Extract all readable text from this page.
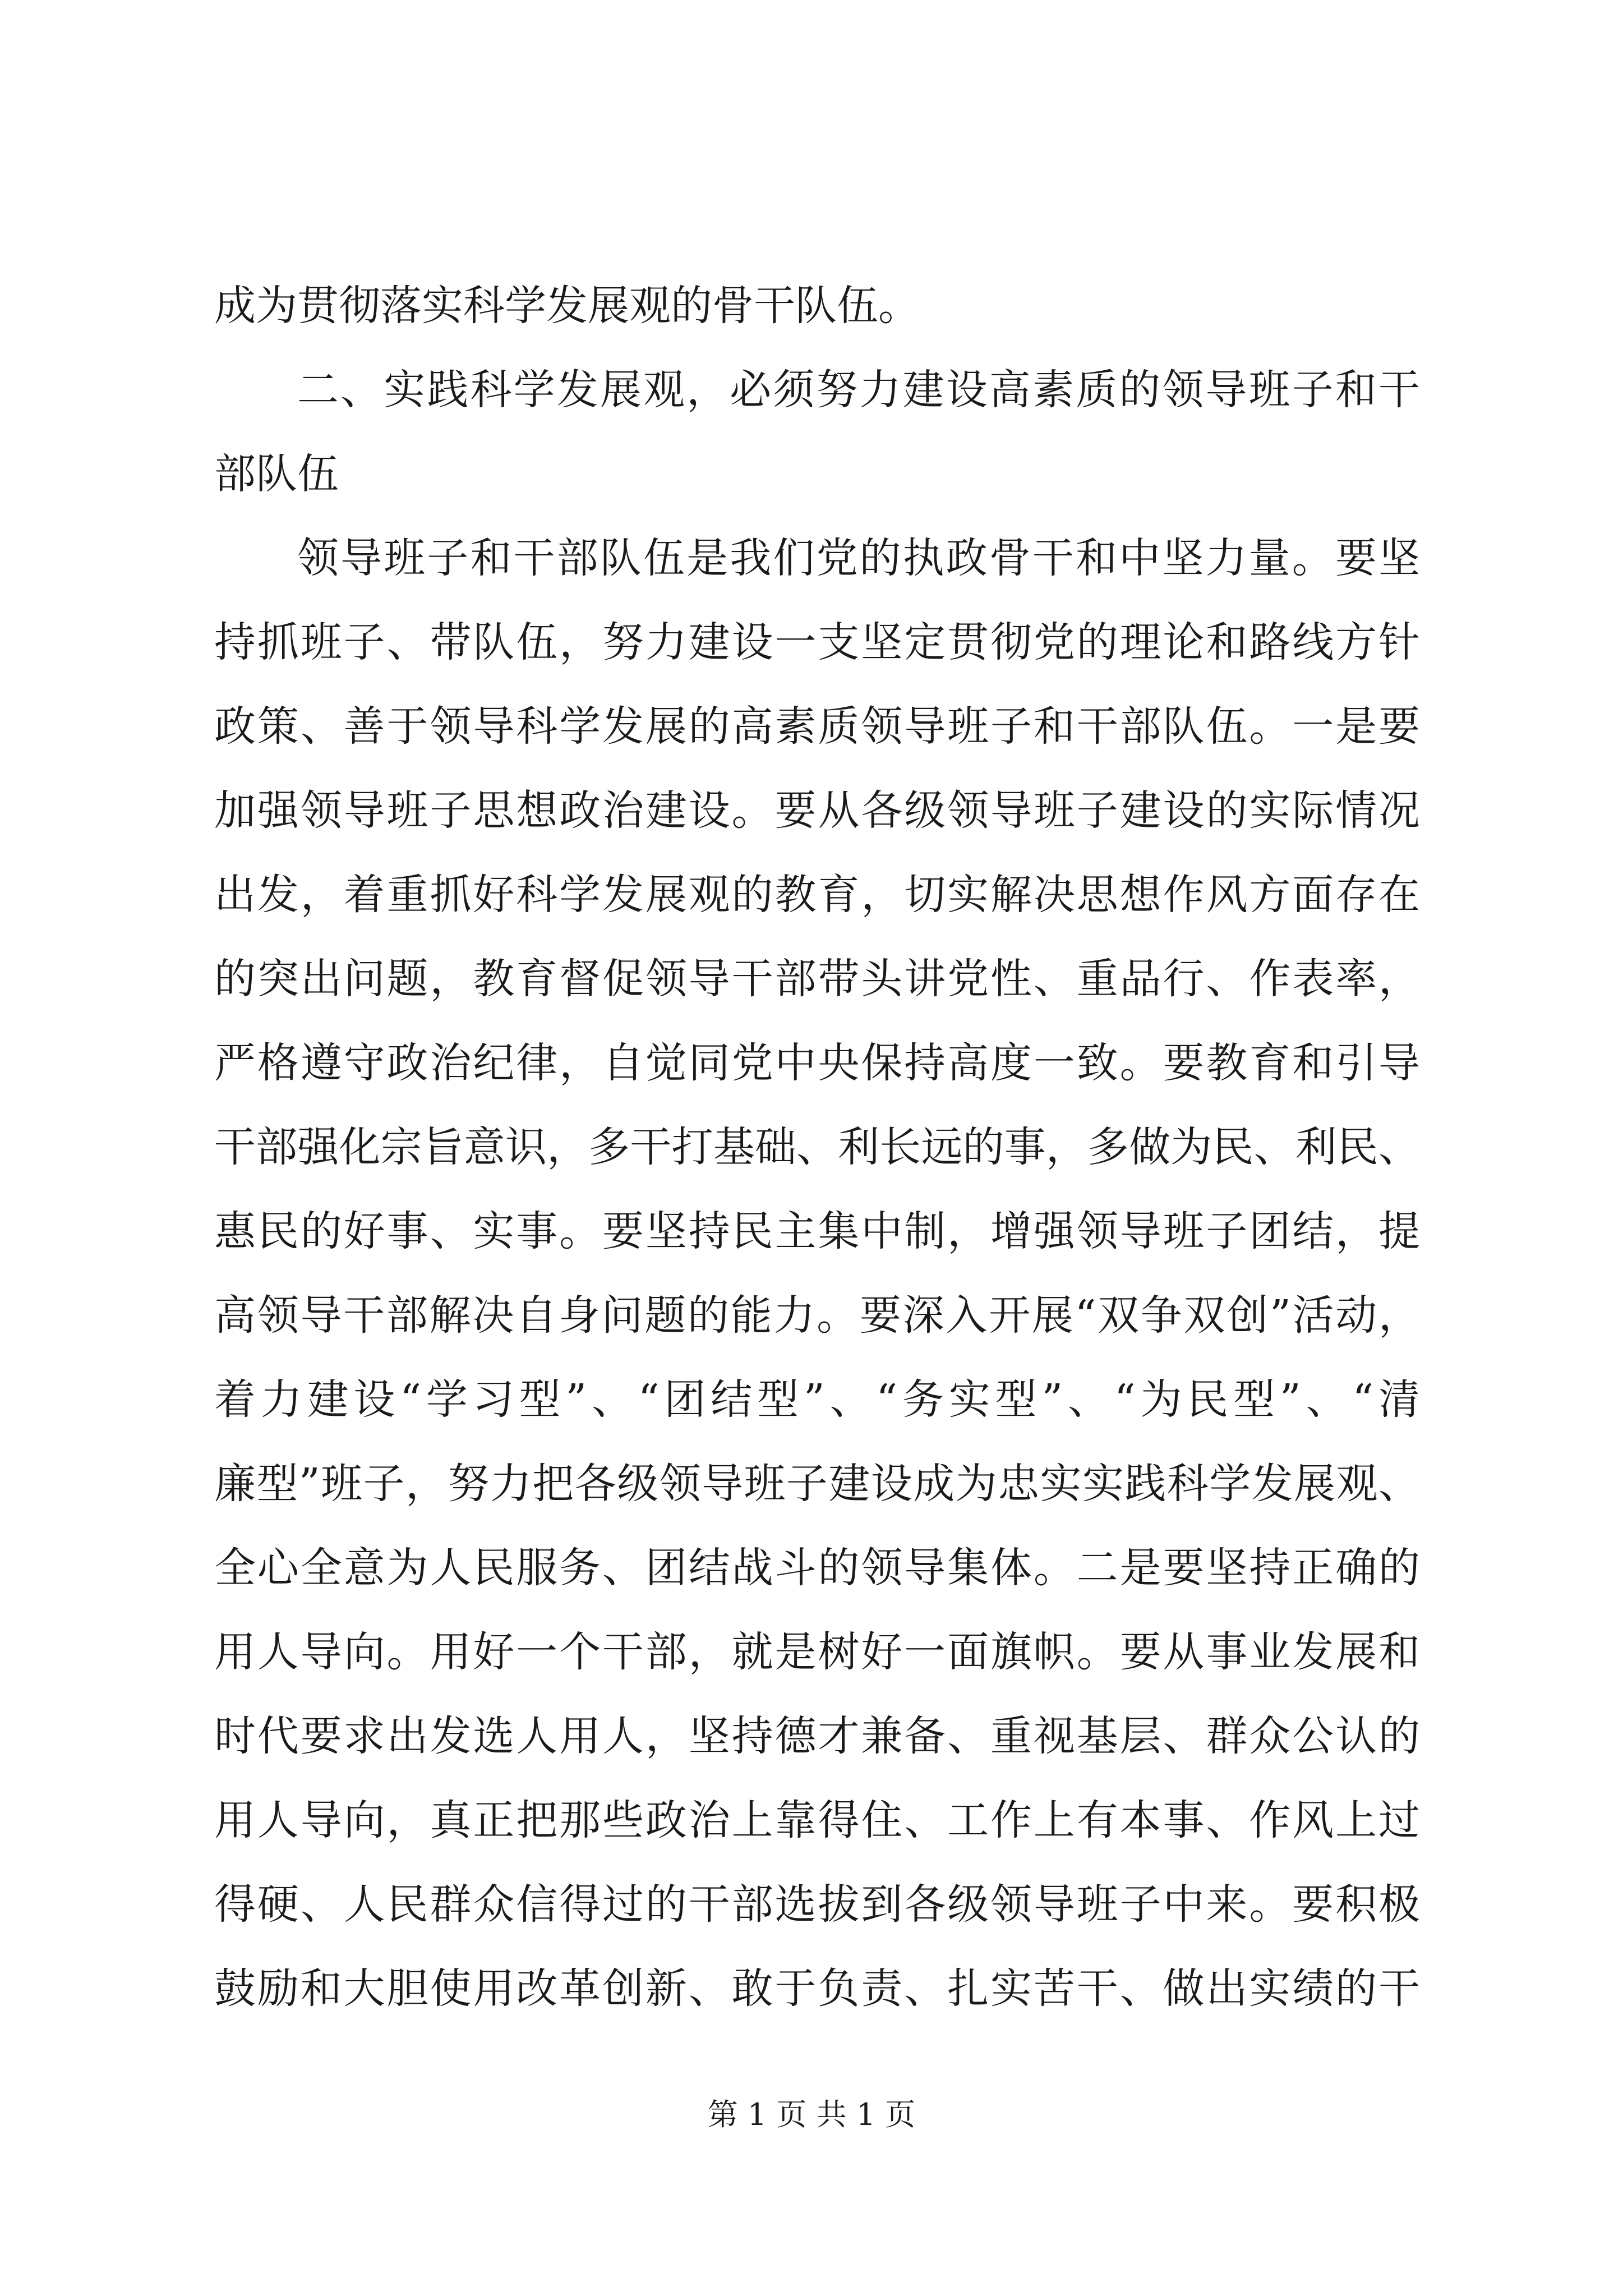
成为贯彻落实科学发展观的骨干队伍。
二、实践科学发展观，必须努力建设高素质的领导班子和干
部队伍
领导班子和干部队伍是我们党的执政骨干和中坚力量。要坚
持抓班子、带队伍，努力建设一支坚定贯彻党的理论和路线方针
政策、善于领导科学发展的高素质领导班子和干部队伍。一是要
加强领导班子思想政治建设。要从各级领导班子建设的实际情况
出发，着重抓好科学发展观的教育，切实解决思想作风方面存在
的突出问题，教育督促领导干部带头讲党性、重品行、作表率，
严格遵守政治纪律，自觉同党中央保持高度一致。要教育和引导
干部强化宗旨意识，多干打基础、利长远的事，多做为民、利民、
惠民的好事、实事。要坚持民主集中制，增强领导班子团结，提
高领导干部解决自身问题的能力。要深入开展“双争双创”活动，
着力建设“学习型”、“团结型”、“务实型”、“为民型”、“清
廉型”班子，努力把各级领导班子建设成为忠实实践科学发展观、
全心全意为人民服务、团结战斗的领导集体。二是要坚持正确的
用人导向。用好一个干部，就是树好一面旗帜。要从事业发展和
时代要求出发选人用人，坚持德才兼备、重视基层、群众公认的
用人导向，真正把那些政治上靠得住、工作上有本事、作风上过
得硬、人民群众信得过的干部选拔到各级领导班子中来。要积极
鼓励和大胆使用改革创新、敢于负责、扎实苦干、做出实绩的干
第 1 页 共 1 页
